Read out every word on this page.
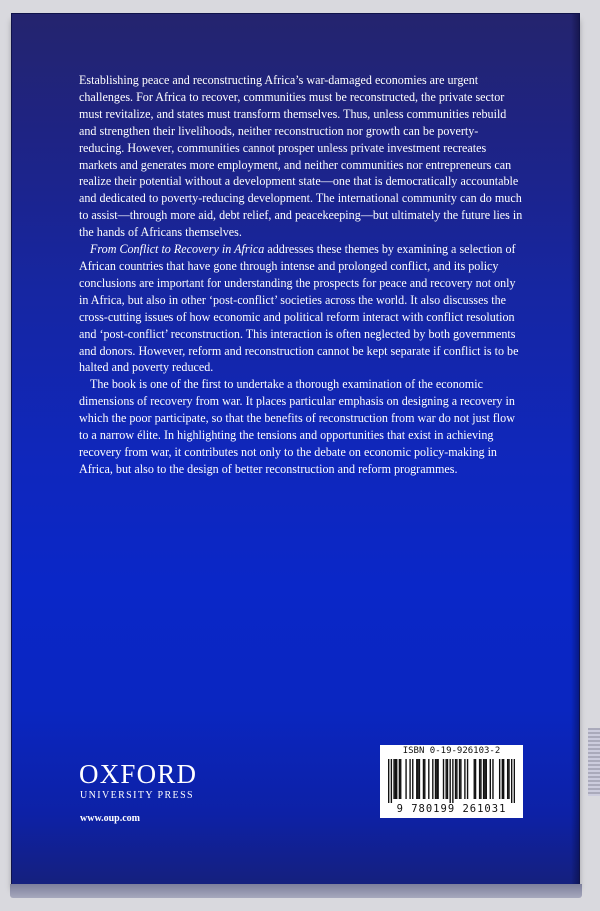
Establishing peace and reconstructing Africa’s war-damaged economies are urgent challenges. For Africa to recover, communities must be reconstructed, the private sector must revitalize, and states must transform themselves. Thus, unless communities rebuild and strengthen their livelihoods, neither reconstruction nor growth can be poverty-reducing. However, communities cannot prosper unless private investment recreates markets and generates more employment, and neither communities nor entrepreneurs can realize their potential without a development state—one that is democratically accountable and dedicated to poverty-reducing development. The international community can do much to assist—through more aid, debt relief, and peacekeeping—but ultimately the future lies in the hands of Africans themselves.

From Conflict to Recovery in Africa addresses these themes by examining a selection of African countries that have gone through intense and prolonged conflict, and its policy conclusions are important for understanding the prospects for peace and recovery not only in Africa, but also in other ‘post-conflict’ societies across the world. It also discusses the cross-cutting issues of how economic and political reform interact with conflict resolution and ‘post-conflict’ reconstruction. This interaction is often neglected by both governments and donors. However, reform and reconstruction cannot be kept separate if conflict is to be halted and poverty reduced.

The book is one of the first to undertake a thorough examination of the economic dimensions of recovery from war. It places particular emphasis on designing a recovery in which the poor participate, so that the benefits of reconstruction from war do not just flow to a narrow élite. In highlighting the tensions and opportunities that exist in achieving recovery from war, it contributes not only to the debate on economic policy-making in Africa, but also to the design of better reconstruction and reform programmes.

OXFORD
UNIVERSITY PRESS
www.oup.com
ISBN 0-19-926103-2
9 780199 261031
